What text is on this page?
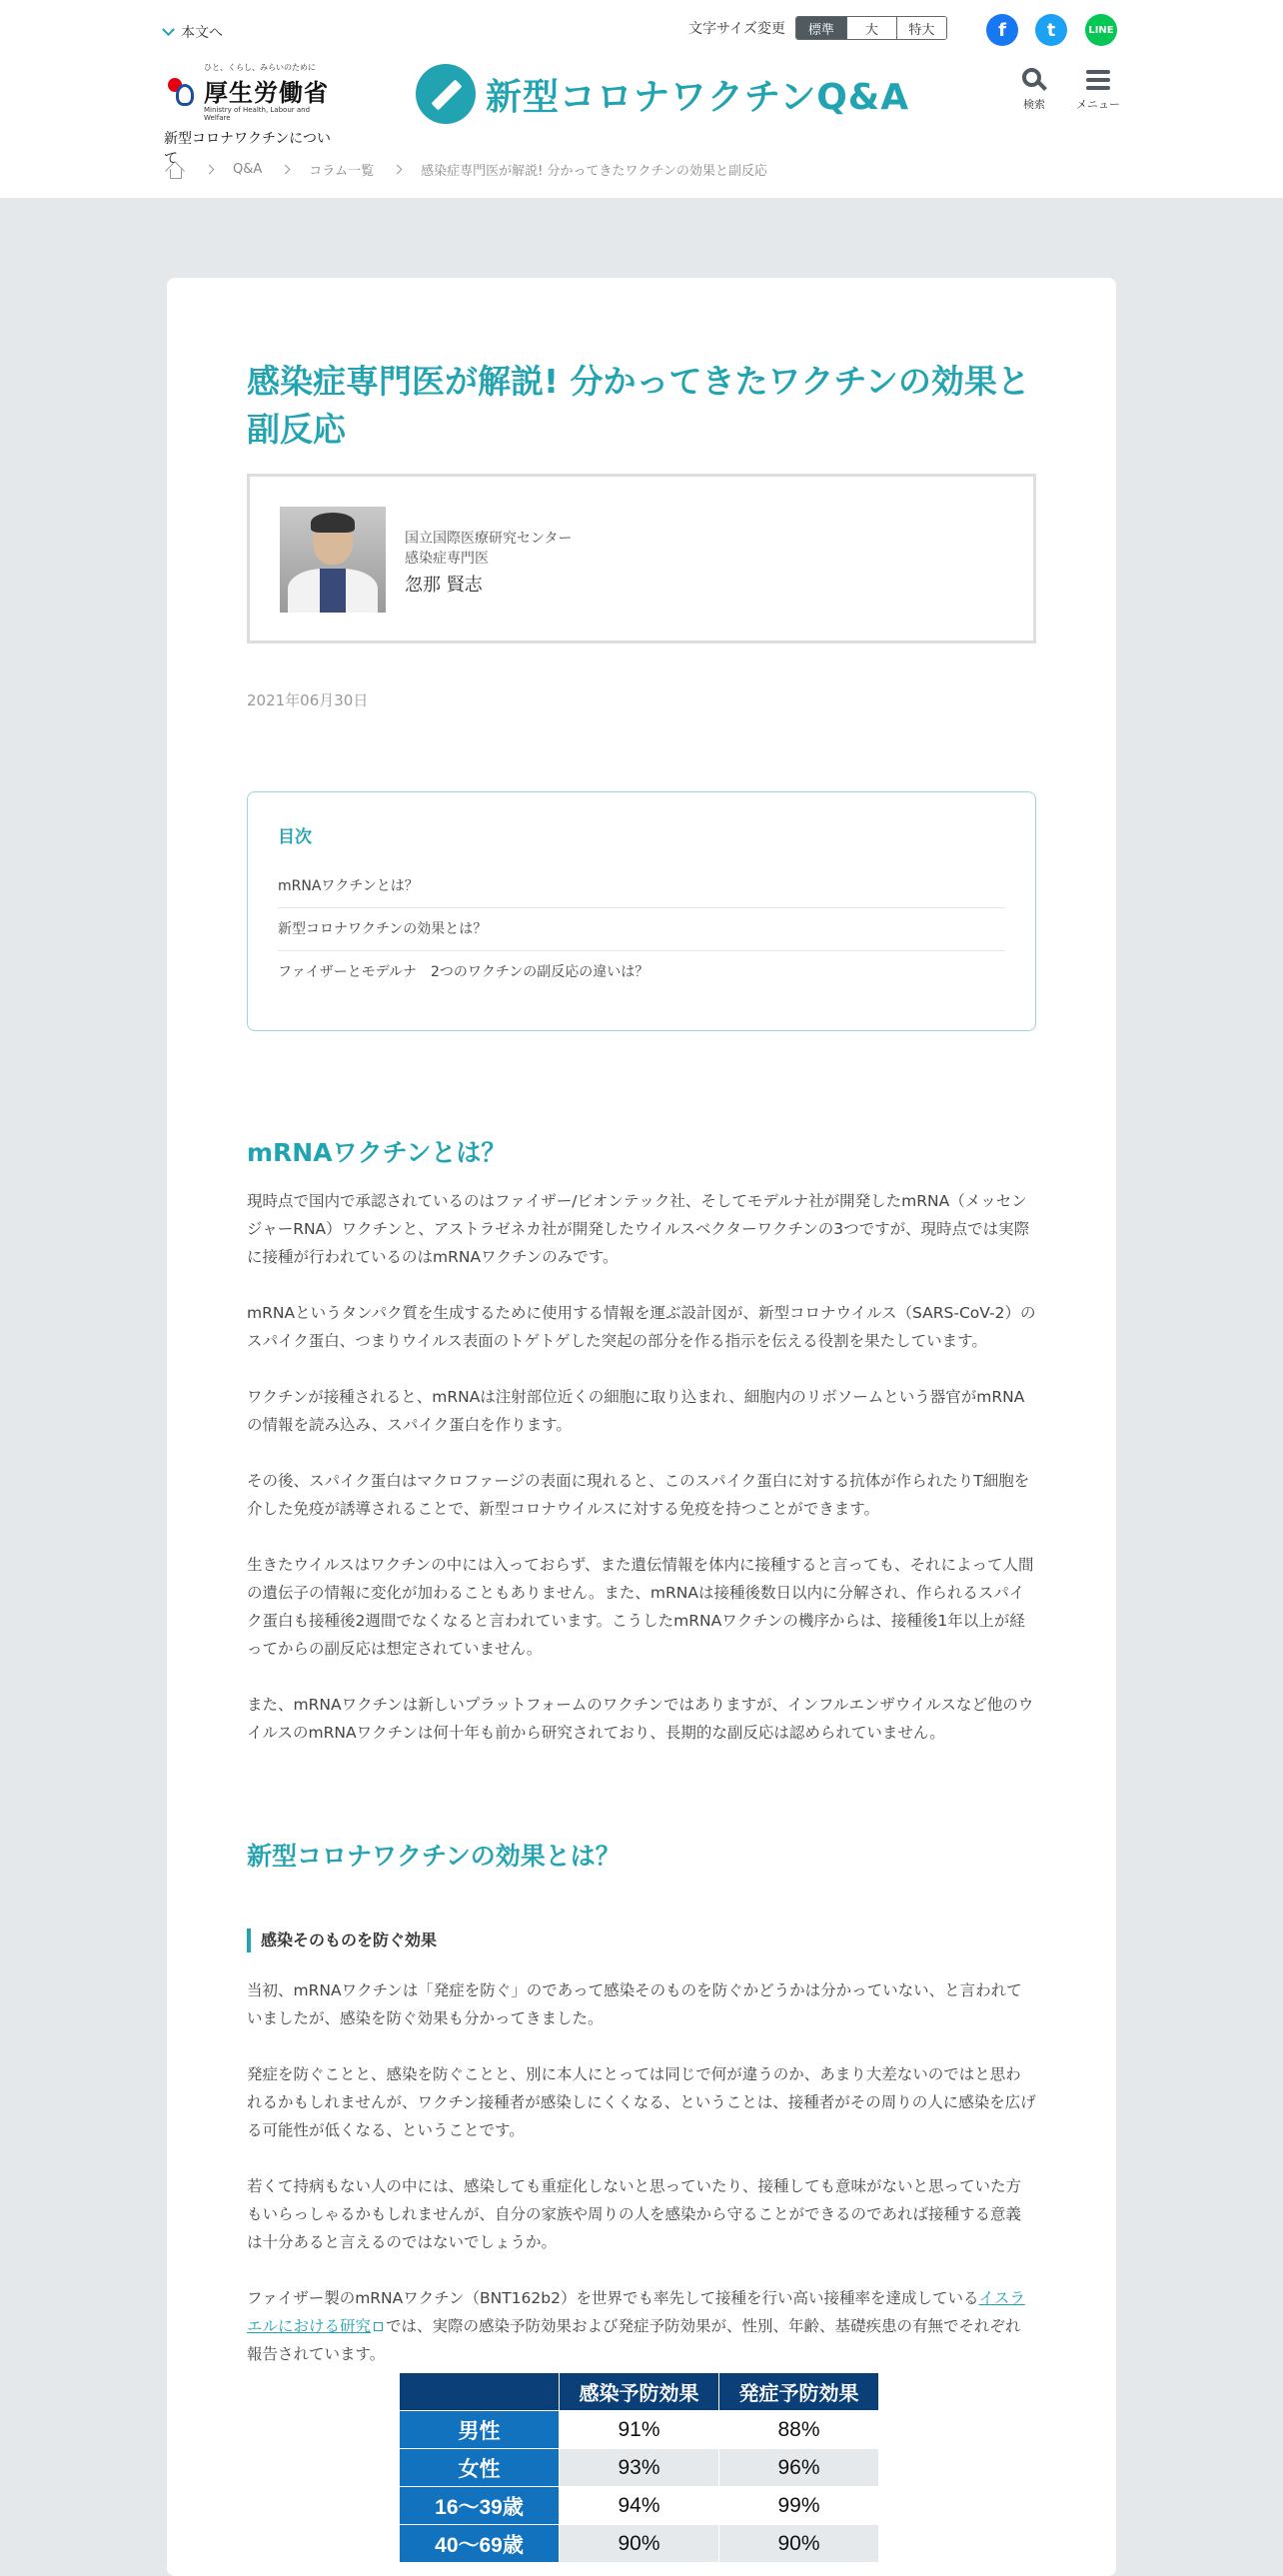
本文へ	文字サイズ変更	標準	大	特大	f	t	LINE
ひと、くらし、みらいのために
厚生労働省
Ministry of Health, Labour and Welfare
新型コロナワクチンについて
新型コロナワクチンQ&A	検索	メニュー
Q&A	コラム一覧	感染症専門医が解説! 分かってきたワクチンの効果と副反応
感染症専門医が解説! 分かってきたワクチンの効果と副反応
国立国際医療研究センター
感染症専門医
忽那 賢志
2021年06月30日
目次
mRNAワクチンとは？
新型コロナワクチンの効果とは？
ファイザーとモデルナ　2つのワクチンの副反応の違いは？
mRNAワクチンとは？

現時点で国内で承認されているのはファイザー/ビオンテック社、そしてモデルナ社が開発したmRNA（メッセンジャーRNA）ワクチンと、アストラゼネカ社が開発したウイルスベクターワクチンの3つですが、現時点では実際に接種が行われているのはmRNAワクチンのみです。

mRNAというタンパク質を生成するために使用する情報を運ぶ設計図が、新型コロナウイルス（SARS-CoV-2）のスパイク蛋白、つまりウイルス表面のトゲトゲした突起の部分を作る指示を伝える役割を果たしています。

ワクチンが接種されると、mRNAは注射部位近くの細胞に取り込まれ、細胞内のリボソームという器官がmRNAの情報を読み込み、スパイク蛋白を作ります。

その後、スパイク蛋白はマクロファージの表面に現れると、このスパイク蛋白に対する抗体が作られたりT細胞を介した免疫が誘導されることで、新型コロナウイルスに対する免疫を持つことができます。

生きたウイルスはワクチンの中には入っておらず、また遺伝情報を体内に接種すると言っても、それによって人間の遺伝子の情報に変化が加わることもありません。また、mRNAは接種後数日以内に分解され、作られるスパイク蛋白も接種後2週間でなくなると言われています。こうしたmRNAワクチンの機序からは、接種後1年以上が経ってからの副反応は想定されていません。

また、mRNAワクチンは新しいプラットフォームのワクチンではありますが、インフルエンザウイルスなど他のウイルスのmRNAワクチンは何十年も前から研究されており、長期的な副反応は認められていません。

新型コロナワクチンの効果とは？
感染そのものを防ぐ効果

当初、mRNAワクチンは「発症を防ぐ」のであって感染そのものを防ぐかどうかは分かっていない、と言われていましたが、感染を防ぐ効果も分かってきました。

発症を防ぐことと、感染を防ぐことと、別に本人にとっては同じで何が違うのか、あまり大差ないのではと思われるかもしれませんが、ワクチン接種者が感染しにくくなる、ということは、接種者がその周りの人に感染を広げる可能性が低くなる、ということです。

若くて持病もない人の中には、感染しても重症化しないと思っていたり、接種しても意味がないと思っていた方もいらっしゃるかもしれませんが、自分の家族や周りの人を感染から守ることができるのであれば接種する意義は十分あると言えるのではないでしょうか。

ファイザー製のmRNAワクチン（BNT162b2）を世界でも率先して接種を行い高い接種率を達成しているイスラエルにおける研究 では、実際の感染予防効果および発症予防効果が、性別、年齢、基礎疾患の有無でそれぞれ報告されています。

	感染予防効果	発症予防効果
男性	91%	88%
女性	93%	96%
16～39歳	94%	99%
40～69歳	90%	90%
